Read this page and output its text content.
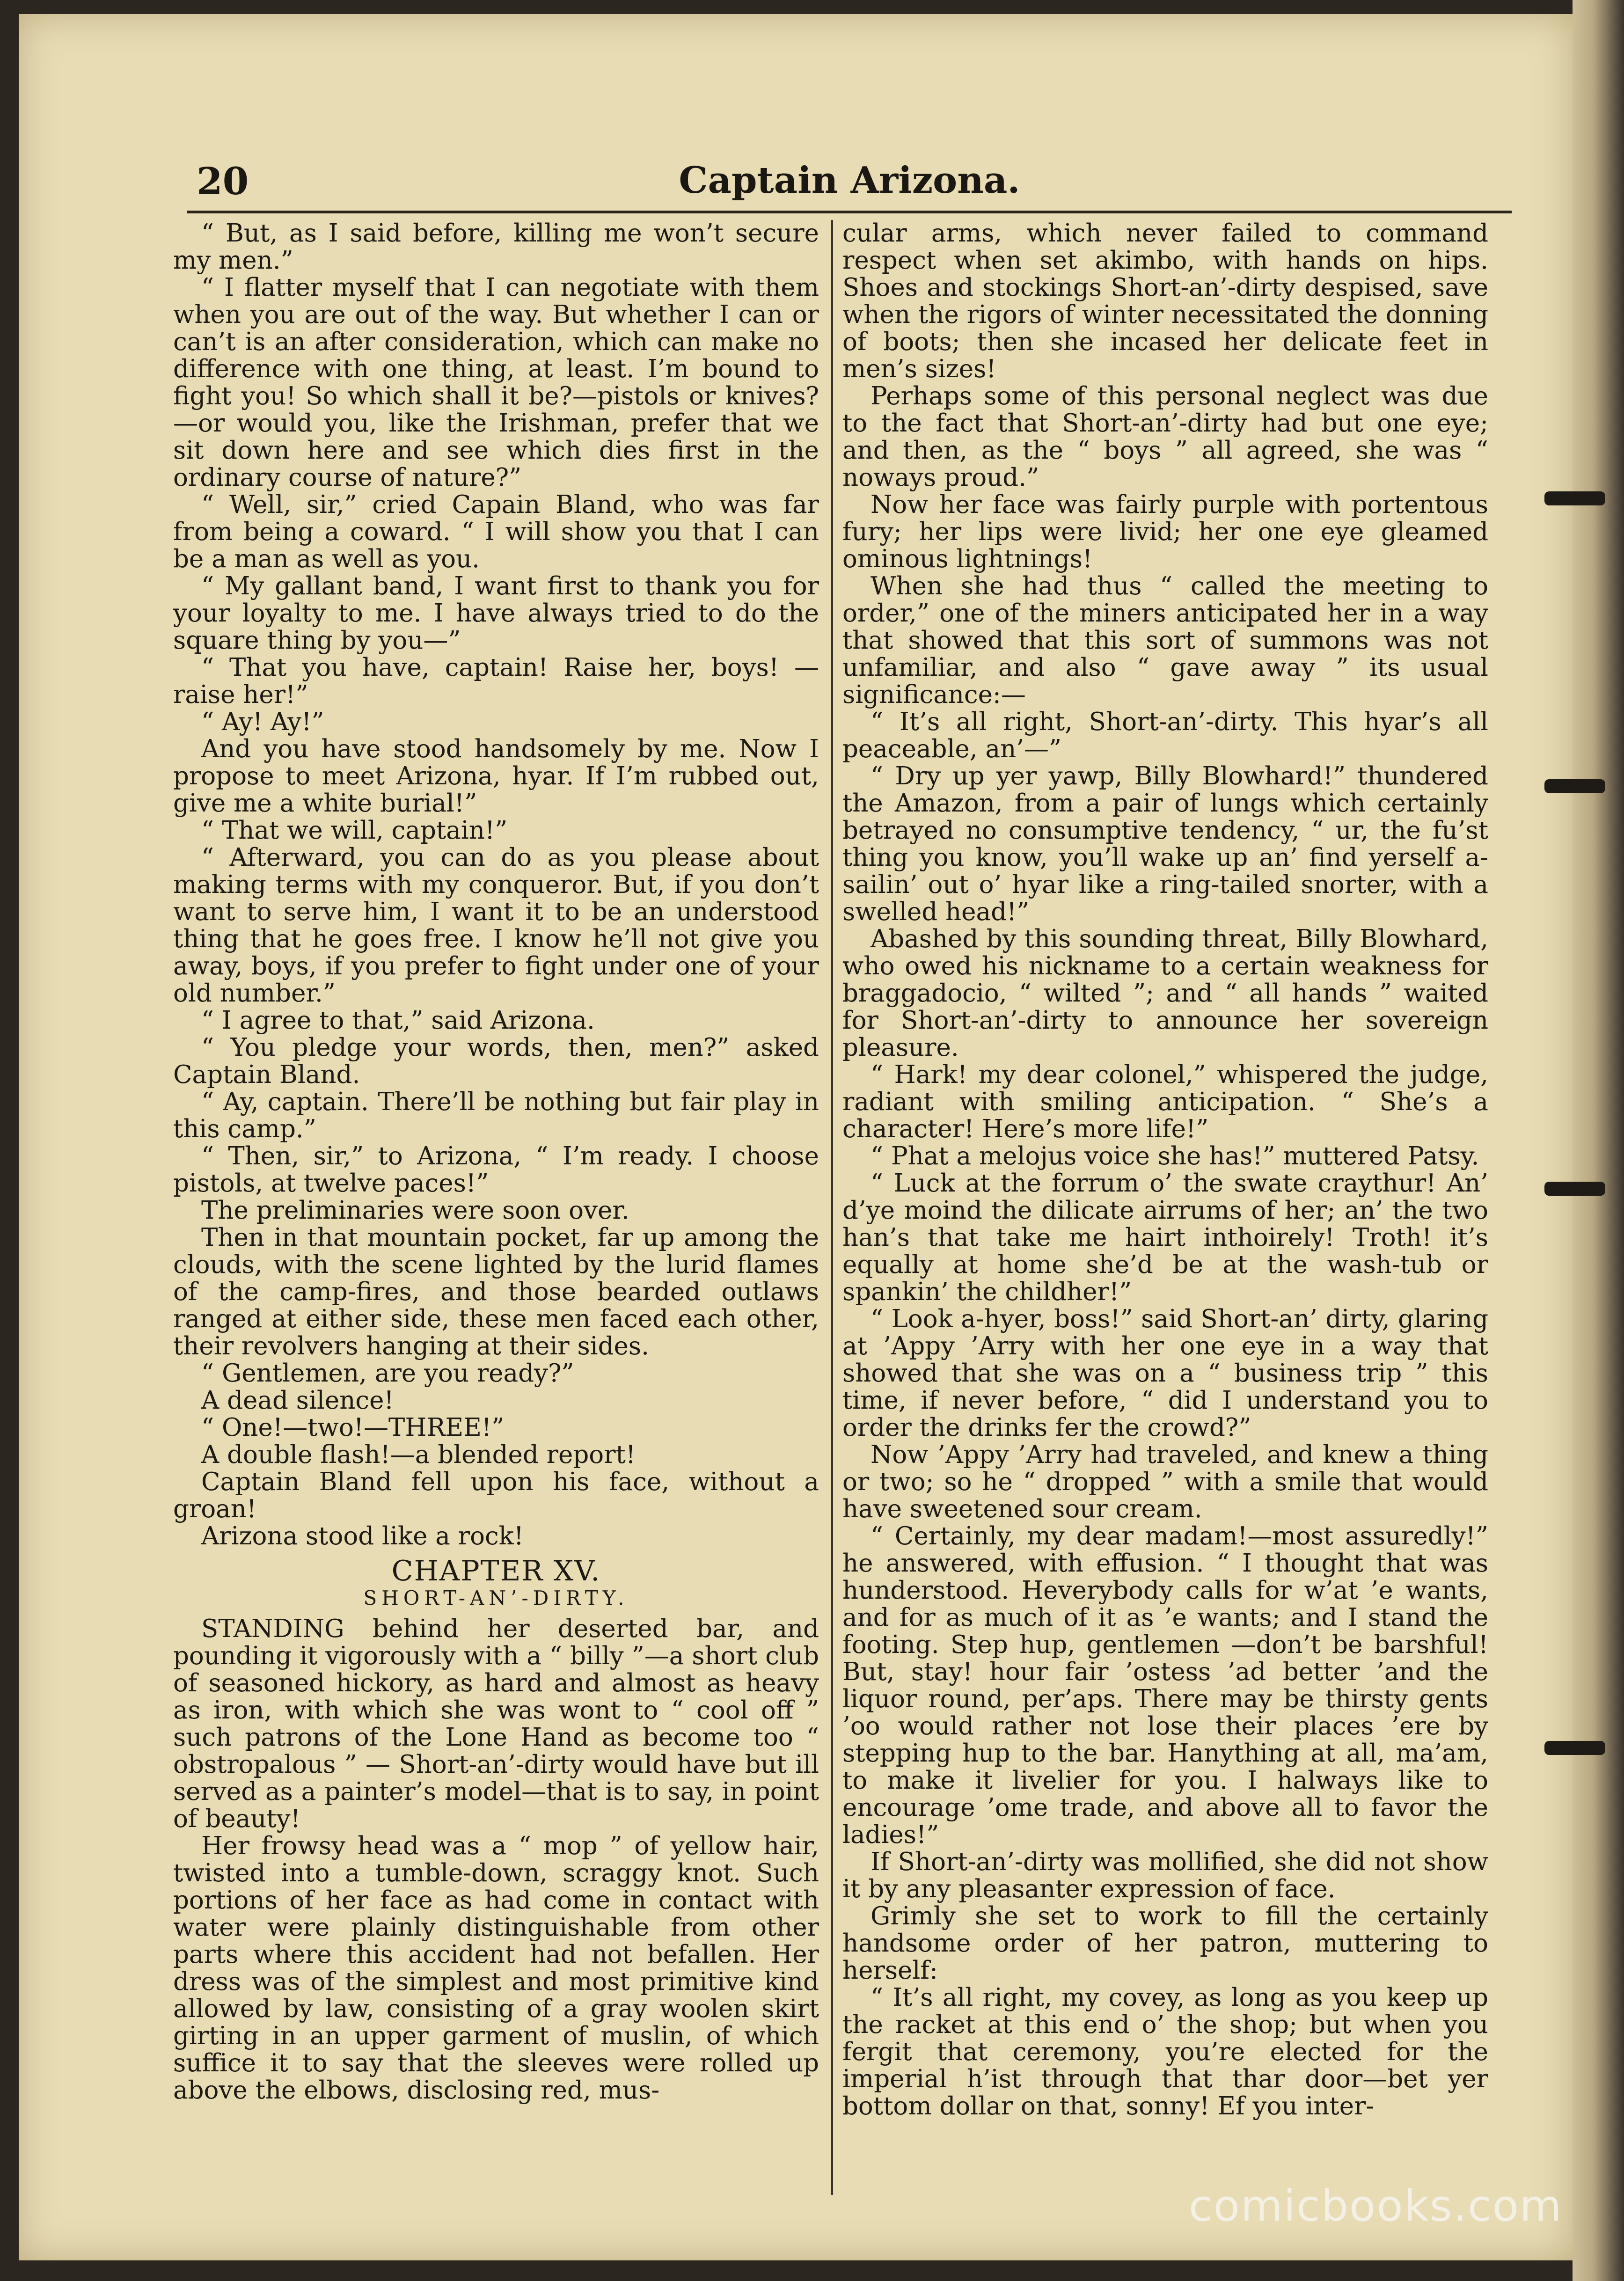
20	Captain Arizona.

“ But, as I said before, killing me won’t secure my men.”

“ I flatter myself that I can negotiate with them when you are out of the way. But whether I can or can’t is an after consideration, which can make no difference with one thing, at least. I’m bound to fight you! So which shall it be?—pistols or knives?—or would you, like the Irishman, prefer that we sit down here and see which dies first in the ordinary course of nature?”

“ Well, sir,” cried Capain Bland, who was far from being a coward. “ I will show you that I can be a man as well as you.

“ My gallant band, I want first to thank you for your loyalty to me. I have always tried to do the square thing by you—”

“ That you have, captain! Raise her, boys! —raise her!”

“ Ay! Ay!”

And you have stood handsomely by me. Now I propose to meet Arizona, hyar. If I’m rubbed out, give me a white burial!”

“ That we will, captain!”

“ Afterward, you can do as you please about making terms with my conqueror. But, if you don’t want to serve him, I want it to be an understood thing that he goes free. I know he’ll not give you away, boys, if you prefer to fight under one of your old number.”

“ I agree to that,” said Arizona.

“ You pledge your words, then, men?” asked Captain Bland.

“ Ay, captain. There’ll be nothing but fair play in this camp.”

“ Then, sir,” to Arizona, “ I’m ready. I choose pistols, at twelve paces!”

The preliminaries were soon over.

Then in that mountain pocket, far up among the clouds, with the scene lighted by the lurid flames of the camp-fires, and those bearded outlaws ranged at either side, these men faced each other, their revolvers hanging at their sides.

“ Gentlemen, are you ready?”

A dead silence!

“ One!—two!—THREE!”

A double flash!—a blended report!

Captain Bland fell upon his face, without a groan!

Arizona stood like a rock!

CHAPTER XV.
SHORT-AN’-DIRTY.

STANDING behind her deserted bar, and pounding it vigorously with a “ billy ”—a short club of seasoned hickory, as hard and almost as heavy as iron, with which she was wont to “ cool off ” such patrons of the Lone Hand as become too “ obstropalous ” — Short-an’-dirty would have but ill served as a painter’s model—that is to say, in point of beauty!

Her frowsy head was a “ mop ” of yellow hair, twisted into a tumble-down, scraggy knot. Such portions of her face as had come in contact with water were plainly distinguishable from other parts where this accident had not befallen. Her dress was of the simplest and most primitive kind allowed by law, consisting of a gray woolen skirt girting in an upper garment of muslin, of which suffice it to say that the sleeves were rolled up above the elbows, disclosing red, mus-

cular arms, which never failed to command respect when set akimbo, with hands on hips. Shoes and stockings Short-an’-dirty despised, save when the rigors of winter necessitated the donning of boots; then she incased her delicate feet in men’s sizes!

Perhaps some of this personal neglect was due to the fact that Short-an’-dirty had but one eye; and then, as the “ boys ” all agreed, she was “ noways proud.”

Now her face was fairly purple with portentous fury; her lips were livid; her one eye gleamed ominous lightnings!

When she had thus “ called the meeting to order,” one of the miners anticipated her in a way that showed that this sort of summons was not unfamiliar, and also “ gave away ” its usual significance:—

“ It’s all right, Short-an’-dirty. This hyar’s all peaceable, an’—”

“ Dry up yer yawp, Billy Blowhard!” thundered the Amazon, from a pair of lungs which certainly betrayed no consumptive tendency, “ ur, the fu’st thing you know, you’ll wake up an’ find yerself a-sailin’ out o’ hyar like a ring-tailed snorter, with a swelled head!”

Abashed by this sounding threat, Billy Blowhard, who owed his nickname to a certain weakness for braggadocio, “ wilted ”; and “ all hands ” waited for Short-an’-dirty to announce her sovereign pleasure.

“ Hark! my dear colonel,” whispered the judge, radiant with smiling anticipation. “ She’s a character! Here’s more life!”

“ Phat a melojus voice she has!” muttered Patsy.

“ Luck at the forrum o’ the swate craythur! An’ d’ye moind the dilicate airrums of her; an’ the two han’s that take me hairt inthoirely! Troth! it’s equally at home she’d be at the wash-tub or spankin’ the childher!”

“ Look a-hyer, boss!” said Short-an’ dirty, glaring at ’Appy ’Arry with her one eye in a way that showed that she was on a “ business trip ” this time, if never before, “ did I understand you to order the drinks fer the crowd?”

Now ’Appy ’Arry had traveled, and knew a thing or two; so he “ dropped ” with a smile that would have sweetened sour cream.

“ Certainly, my dear madam!—most assuredly!” he answered, with effusion. “ I thought that was hunderstood. Heverybody calls for w’at ’e wants, and for as much of it as ’e wants; and I stand the footing. Step hup, gentlemen —don’t be barshful! But, stay! hour fair ’ostess ’ad better ’and the liquor round, per’aps. There may be thirsty gents ’oo would rather not lose their places ’ere by stepping hup to the bar. Hanything at all, ma’am, to make it livelier for you. I halways like to encourage ’ome trade, and above all to favor the ladies!”

If Short-an’-dirty was mollified, she did not show it by any pleasanter expression of face.

Grimly she set to work to fill the certainly handsome order of her patron, muttering to herself:

“ It’s all right, my covey, as long as you keep up the racket at this end o’ the shop; but when you fergit that ceremony, you’re elected for the imperial h’ist through that thar door—bet yer bottom dollar on that, sonny! Ef you inter-

comicbooks.com
